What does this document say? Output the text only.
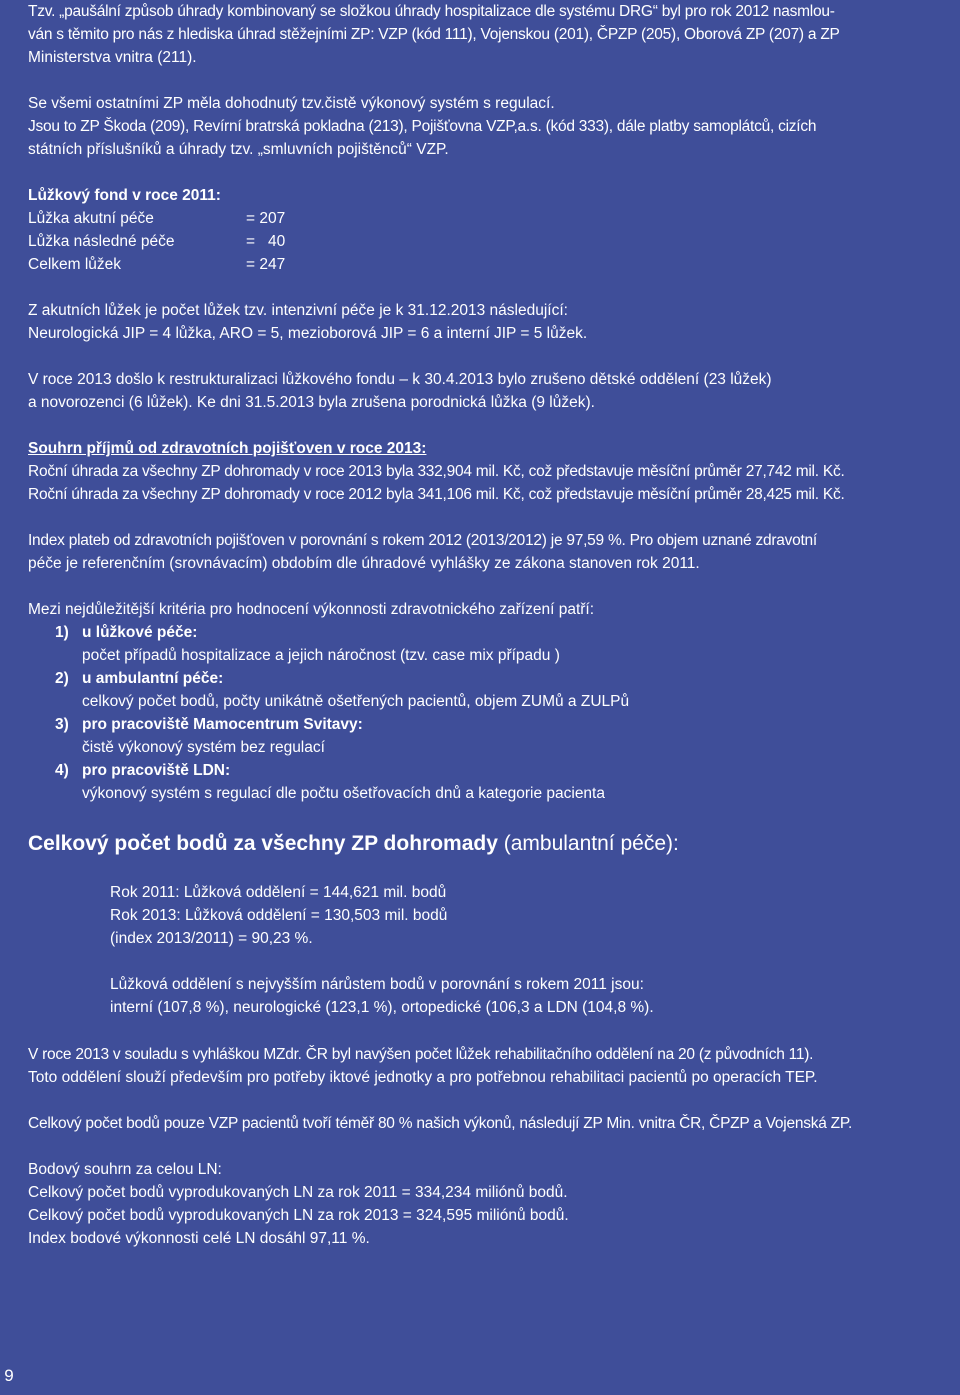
Tzv. „paušální způsob úhrady kombinovaný se složkou úhrady hospitalizace dle systému DRG“ byl pro rok 2012 nasmlou-
ván s těmito pro nás z hlediska úhrad stěžejními ZP: VZP (kód 111), Vojenskou (201), ČPZP (205), Oborová ZP (207) a ZP
Ministerstva vnitra (211).
Se všemi ostatními ZP měla dohodnutý tzv.čistě výkonový systém s regulací.
Jsou to ZP Škoda (209), Revírní bratrská pokladna (213), Pojišťovna VZP,a.s. (kód 333), dále platby samoplátců, cizích
státních příslušníků a úhrady tzv. „smluvních pojištěnců“ VZP.
Lůžkový fond v roce 2011:
Lůžka akutní péče	= 207
Lůžka následné péče	=   40
Celkem lůžek	= 247
Z akutních lůžek je počet lůžek tzv. intenzivní péče je k 31.12.2013 následující:
Neurologická JIP = 4 lůžka, ARO = 5, mezioborová JIP = 6 a interní JIP = 5 lůžek.
V roce 2013 došlo k restrukturalizaci lůžkového fondu – k 30.4.2013 bylo zrušeno dětské oddělení (23 lůžek)
a novorozenci (6 lůžek). Ke dni 31.5.2013 byla zrušena porodnická lůžka (9 lůžek).
Souhrn příjmů od zdravotních pojišťoven v roce 2013:
Roční úhrada za všechny ZP dohromady v roce 2013 byla 332,904 mil. Kč, což představuje měsíční průměr 27,742 mil. Kč.
Roční úhrada za všechny ZP dohromady v roce 2012 byla 341,106 mil. Kč, což představuje měsíční průměr 28,425 mil. Kč.
Index plateb od zdravotních pojišťoven v porovnání s rokem 2012 (2013/2012) je 97,59 %. Pro objem uznané zdravotní
péče je referenčním (srovnávacím) obdobím dle úhradové vyhlášky ze zákona stanoven rok 2011.
Mezi nejdůležitější kritéria pro hodnocení výkonnosti zdravotnického zařízení patří:
1) u lůžkové péče:
počet případů hospitalizace a jejich náročnost (tzv. case mix případu )
2) u ambulantní péče:
celkový počet bodů, počty unikátně ošetřených pacientů, objem ZUMů a ZULPů
3) pro pracoviště Mamocentrum Svitavy:
čistě výkonový systém bez regulací
4) pro pracoviště LDN:
výkonový systém s regulací dle počtu ošetřovacích dnů a kategorie pacienta
Celkový počet bodů za všechny ZP dohromady (ambulantní péče):
Rok 2011: Lůžková oddělení = 144,621 mil. bodů
Rok 2013: Lůžková oddělení = 130,503 mil. bodů
(index 2013/2011) = 90,23 %.
Lůžková oddělení s nejvyšším nárůstem bodů v porovnání s rokem 2011 jsou:
interní (107,8 %), neurologické (123,1 %), ortopedické (106,3 a LDN (104,8 %).
V roce 2013 v souladu s vyhláškou MZdr. ČR byl navýšen počet lůžek rehabilitačního oddělení na 20 (z původních 11).
Toto oddělení slouží především pro potřeby iktové jednotky a pro potřebnou rehabilitaci pacientů po operacích TEP.
Celkový počet bodů pouze VZP pacientů tvoří téměř 80 % našich výkonů, následují ZP Min. vnitra ČR, ČPZP a Vojenská ZP.
Bodový souhrn za celou LN:
Celkový počet bodů vyprodukovaných LN za rok 2011 = 334,234 miliónů bodů.
Celkový počet bodů vyprodukovaných LN za rok 2013 = 324,595 miliónů bodů.
Index bodové výkonnosti celé LN dosáhl 97,11 %.
9
